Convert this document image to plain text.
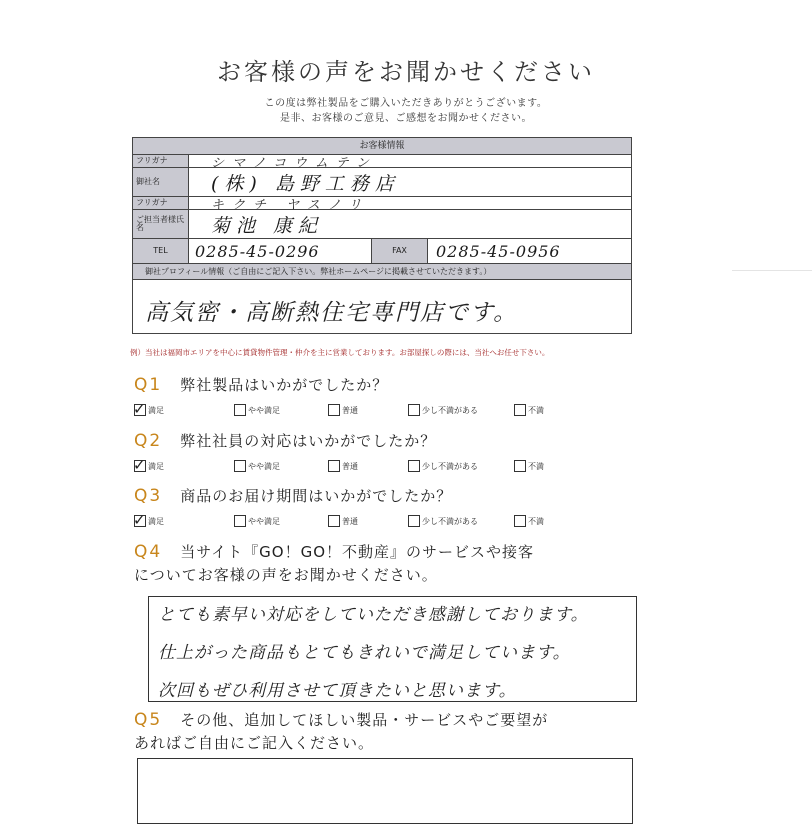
お客様の声をお聞かせください
この度は弊社製品をご購入いただきありがとうございます。
是非、お客様のご意見、ご感想をお聞かせください。
お客様情報
フリガナ	シマノコウムテン
御社名	(株) 島野工務店
フリガナ	キクチ ヤスノリ
ご担当者様氏名	菊池 康紀
TEL	0285-45-0296	FAX	0285-45-0956
御社プロフィール情報（ご自由にご記入下さい。弊社ホームページに掲載させていただきます。）
高気密・高断熱住宅専門店です。
例）当社は福岡市エリアを中心に賃貸物件管理・仲介を主に営業しております。お部屋探しの際には、当社へお任せ下さい。
Q1 弊社製品はいかがでしたか？
✓ 満足	やや満足	普通	少し不満がある	不満
Q2 弊社社員の対応はいかがでしたか？
✓ 満足	やや満足	普通	少し不満がある	不満
Q3 商品のお届け期間はいかがでしたか？
✓ 満足	やや満足	普通	少し不満がある	不満
Q4 当サイト『GO！GO！不動産』のサービスや接客
についてお客様の声をお聞かせください。
とても素早い対応をしていただき感謝しております。
仕上がった商品もとてもきれいで満足しています。
次回もぜひ利用させて頂きたいと思います。
Q5 その他、追加してほしい製品・サービスやご要望が
あればご自由にご記入ください。
